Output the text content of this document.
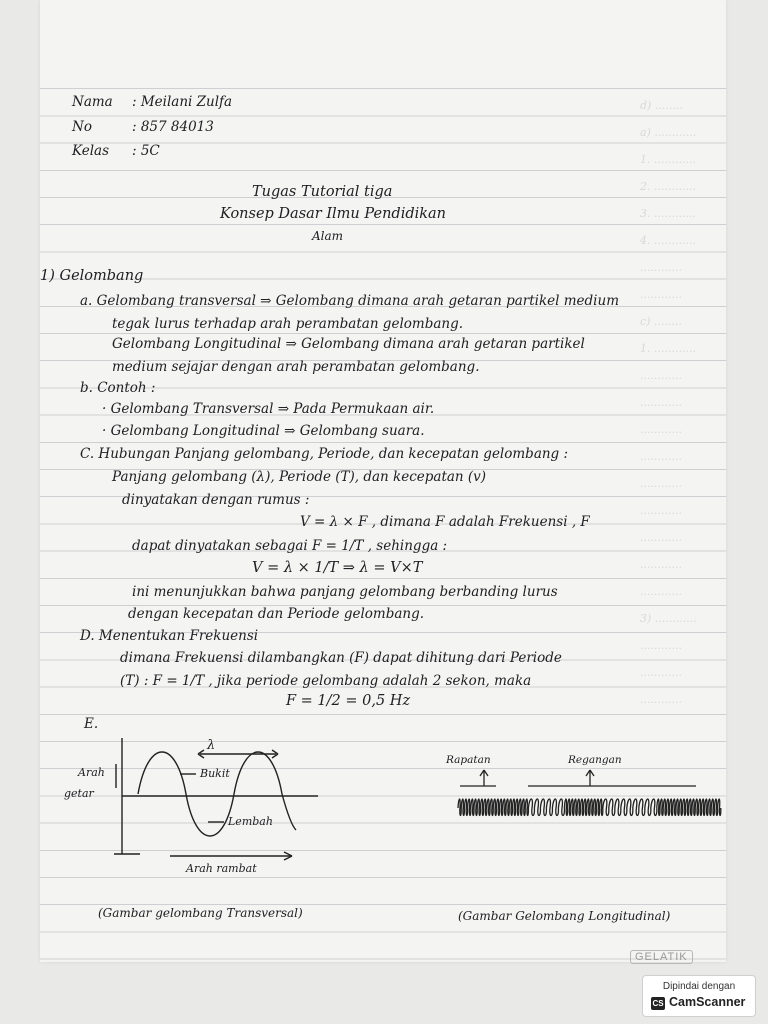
d) ........
a) ............
1. ............
2. ............
3. ............
4. ............
............
............
c) ........
1. ............
............
............
............
............
............
............
............
............
............
3) ............
............
............
............
Nama : Meilani Zulfa
No	: 857 84013
Kelas : 5C
Tugas Tutorial tiga
Konsep Dasar Ilmu Pendidikan
Alam
1) Gelombang
a. Gelombang transversal ⇒ Gelombang dimana arah getaran partikel medium
tegak lurus terhadap arah perambatan gelombang.
Gelombang Longitudinal ⇒ Gelombang dimana arah getaran partikel
medium sejajar dengan arah perambatan gelombang.
b. Contoh :
· Gelombang Transversal ⇒ Pada Permukaan air.
· Gelombang Longitudinal ⇒ Gelombang suara.
C. Hubungan Panjang gelombang, Periode, dan kecepatan gelombang :
Panjang gelombang (λ), Periode (T), dan kecepatan (v)
dinyatakan dengan rumus :
V = λ × F , dimana F adalah Frekuensi , F
dapat dinyatakan sebagai F = 1/T , sehingga :
V = λ × 1/T ⇒ λ = V×T
ini menunjukkan bahwa panjang gelombang berbanding lurus
dengan kecepatan dan Periode gelombang.
D. Menentukan Frekuensi
dimana Frekuensi dilambangkan (F) dapat dihitung dari Periode
(T) : F = 1/T , jika periode gelombang adalah 2 sekon, maka
F = 1/2 = 0,5 Hz
E.
λ
Arah
getar
Bukit
Lembah
Arah rambat
Rapatan	Regangan
(Gambar gelombang Transversal)	(Gambar Gelombang Longitudinal)
GELATIK
Dipindai dengan
CS CamScanner
